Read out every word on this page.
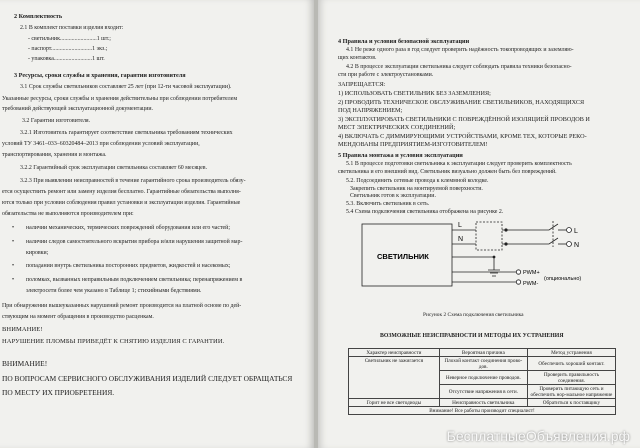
2 Комплектность
2.1 В комплект поставки изделия входит:
- светильник.........................1 шт.;
- паспорт............................1 экз.;
- упаковка..........................1 шт.
3 Ресурсы, сроки службы и хранения, гарантии изготовителя
3.1 Срок службы светильников составляет 25 лет (при 12-ти часовой эксплуатации).
Указанные ресурсы, сроки службы и хранения действительны при соблюдении потребителем
требований действующей эксплуатационной документации.
3.2 Гарантии изготовителя.
3.2.1 Изготовитель гарантирует соответствие светильника требованиям технических
условий ТУ 3461–033–60320484–2013 при соблюдении условий эксплуатации,
транспортирования, хранения и монтажа.
3.2.2 Гарантийный срок эксплуатации светильника составляет 60 месяцев.
3.2.3 При выявлении неисправностей в течение гарантийного срока производитель обязу-
ется осуществить ремонт или замену изделия бесплатно. Гарантийные обязательства выполня-
ются только при условии соблюдения правил установки и эксплуатации изделия. Гарантийные
обязательства не выполняются производителем при:
• наличии механических, термических повреждений оборудования или его частей;
• наличии следов самостоятельного вскрытия прибора и/или нарушения защитной мар-
кировки;
• попадании внутрь светильника посторонних предметов, жидкостей и насекомых;
• поломках, вызванных неправильным подключением светильника; перенапряжением в
электросети более чем указано в Таблице 1; стихийными бедствиями.
При обнаружении вышеуказанных нарушений ремонт производится на платной основе по дей-
ствующим на момент обращения в производство расценкам.
ВНИМАНИЕ!
НАРУШЕНИЕ ПЛОМБЫ ПРИВЕДЁТ К СНЯТИЮ ИЗДЕЛИЯ С ГАРАНТИИ.
ВНИМАНИЕ!
ПО ВОПРОСАМ СЕРВИСНОГО ОБСЛУЖИВАНИЯ ИЗДЕЛИЙ СЛЕДУЕТ ОБРАЩАТЬСЯ
ПО МЕСТУ ИХ ПРИОБРЕТЕНИЯ.
4 Правила и условия безопасной эксплуатации
4.1 Не реже одного раза в год следует проверить надёжность токопроводящих и заземляю-
щих контактов.
4.2 В процессе эксплуатации светильника следует соблюдать правила техники безопасно-
сти при работе с электроустановками.
ЗАПРЕЩАЕТСЯ:
1) ИСПОЛЬЗОВАТЬ СВЕТИЛЬНИК БЕЗ ЗАЗЕМЛЕНИЯ;
2) ПРОВОДИТЬ ТЕХНИЧЕСКОЕ ОБСЛУЖИВАНИЕ СВЕТИЛЬНИКОВ, НАХОДЯЩИХСЯ
ПОД НАПРЯЖЕНИЕМ;
3) ЭКСПЛУАТИРОВАТЬ СВЕТИЛЬНИКИ С ПОВРЕЖДЁННОЙ ИЗОЛЯЦИЕЙ ПРОВОДОВ И
МЕСТ ЭЛЕКТРИЧЕСКИХ СОЕДИНЕНИЙ;
4) ВКЛЮЧАТЬ С ДИММИРУЮЩИМИ УСТРОЙСТВАМИ, КРОМЕ ТЕХ, КОТОРЫЕ РЕКО-
МЕНДОВАНЫ ПРЕДПРИЯТИЕМ-ИЗГОТОВИТЕЛЕМ!
5 Правила монтажа и условия эксплуатации
5.1 В процессе подготовки светильника к эксплуатации следует проверить комплектность
светильника и его внешний вид. Светильник визуально должен быть без повреждений.
5.2. Подсоединить сетевые провода к клеммной колодке.
Закрепить светильник на монтируемой поверхности.
Светильник готов к эксплуатации.
5.3. Включить светильник в сеть.
5.4 Схема подключения светильника отображена на рисунке 2.
СВЕТИЛЬНИК
L
N
L
N
PWM+
PWM-
(опционально)
Рисунок 2 Схема подключения светильника
ВОЗМОЖНЫЕ НЕИСПРАВНОСТИ И МЕТОДЫ ИХ УСТРАНЕНИЯ
Характер неисправности	Вероятная причина	Метод устранения
Светильник не зажигается	Плохой контакт соединения прово-дов.	Обеспечить хороший контакт.
	Неверное подключение проводов.	Проверить правильность соединения.
	Отсутствие напряжения в сети.	Проверить питающую сеть и обеспечить нор-мальное напряжение
Горит не все светодиоды	Неисправность светильника	Обратиться к поставщику
Внимание! Все работы производит специалист!		
БесплатныеОбъявления.рф
